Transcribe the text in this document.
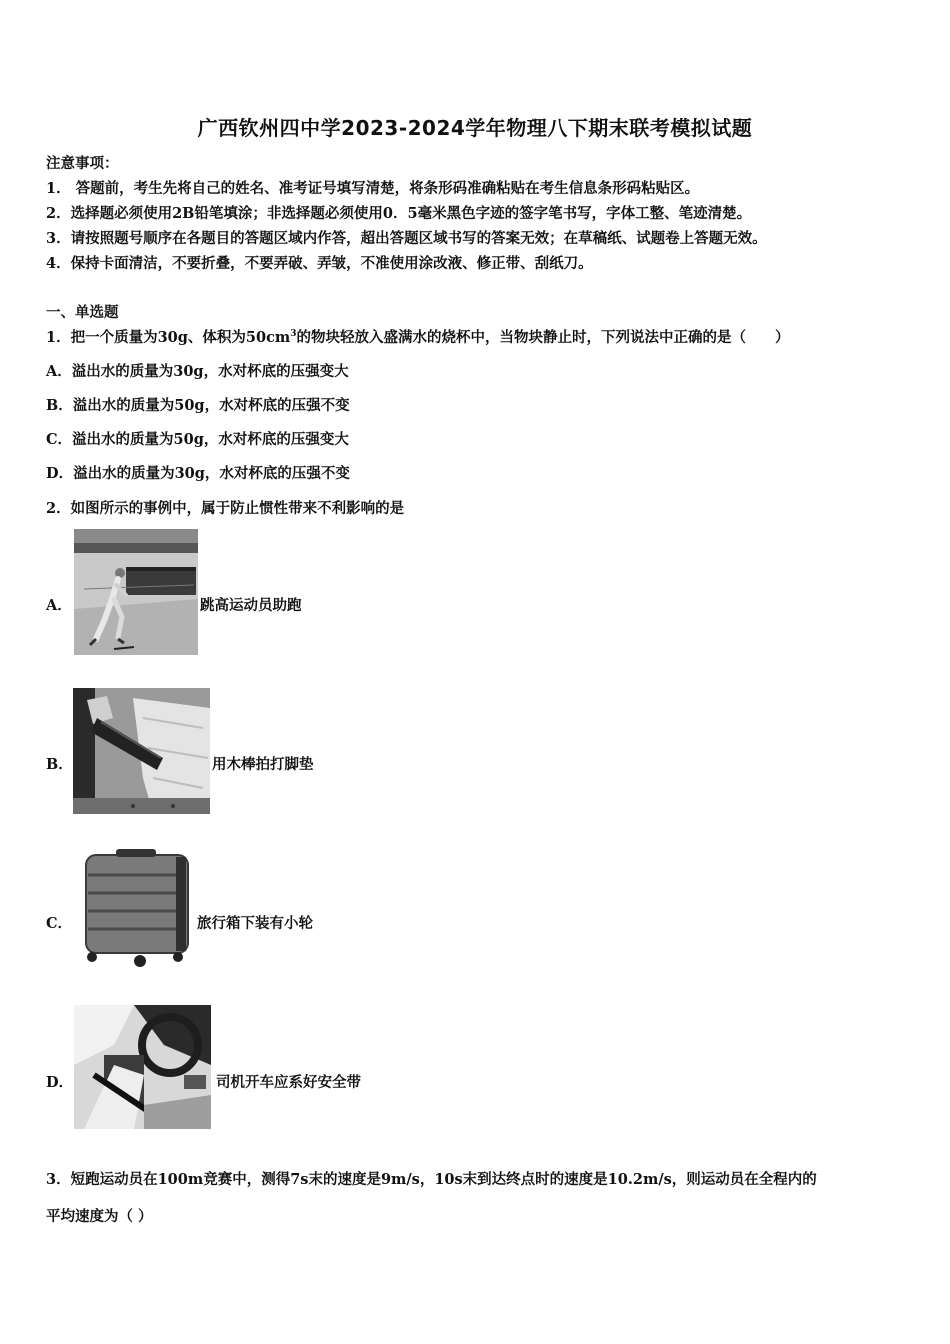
广西钦州四中学2023-2024学年物理八下期末联考模拟试题
注意事项：
1． 答题前，考生先将自己的姓名、准考证号填写清楚，将条形码准确粘贴在考生信息条形码粘贴区。
2．选择题必须使用2B铅笔填涂；非选择题必须使用0．5毫米黑色字迹的签字笔书写，字体工整、笔迹清楚。
3．请按照题号顺序在各题目的答题区域内作答，超出答题区域书写的答案无效；在草稿纸、试题卷上答题无效。
4．保持卡面清洁，不要折叠，不要弄破、弄皱，不准使用涂改液、修正带、刮纸刀。
一、单选题
1．把一个质量为30g、体积为$50cm^3$的物块轻放入盛满水的烧杯中，当物块静止时，下列说法中正确的是（　　）
A．溢出水的质量为30g，水对杯底的压强变大
B．溢出水的质量为50g，水对杯底的压强不变
C．溢出水的质量为50g，水对杯底的压强变大
D．溢出水的质量为30g，水对杯底的压强不变
2．如图所示的事例中，属于防止惯性带来不利影响的是
A．	跳高运动员助跑
B．	用木棒拍打脚垫
C．	旅行箱下装有小轮
D．	司机开车应系好安全带
3．短跑运动员在100m竞赛中，测得7s末的速度是9m/s，10s末到达终点时的速度是10.2m/s，则运动员在全程内的
平均速度为（ ）
